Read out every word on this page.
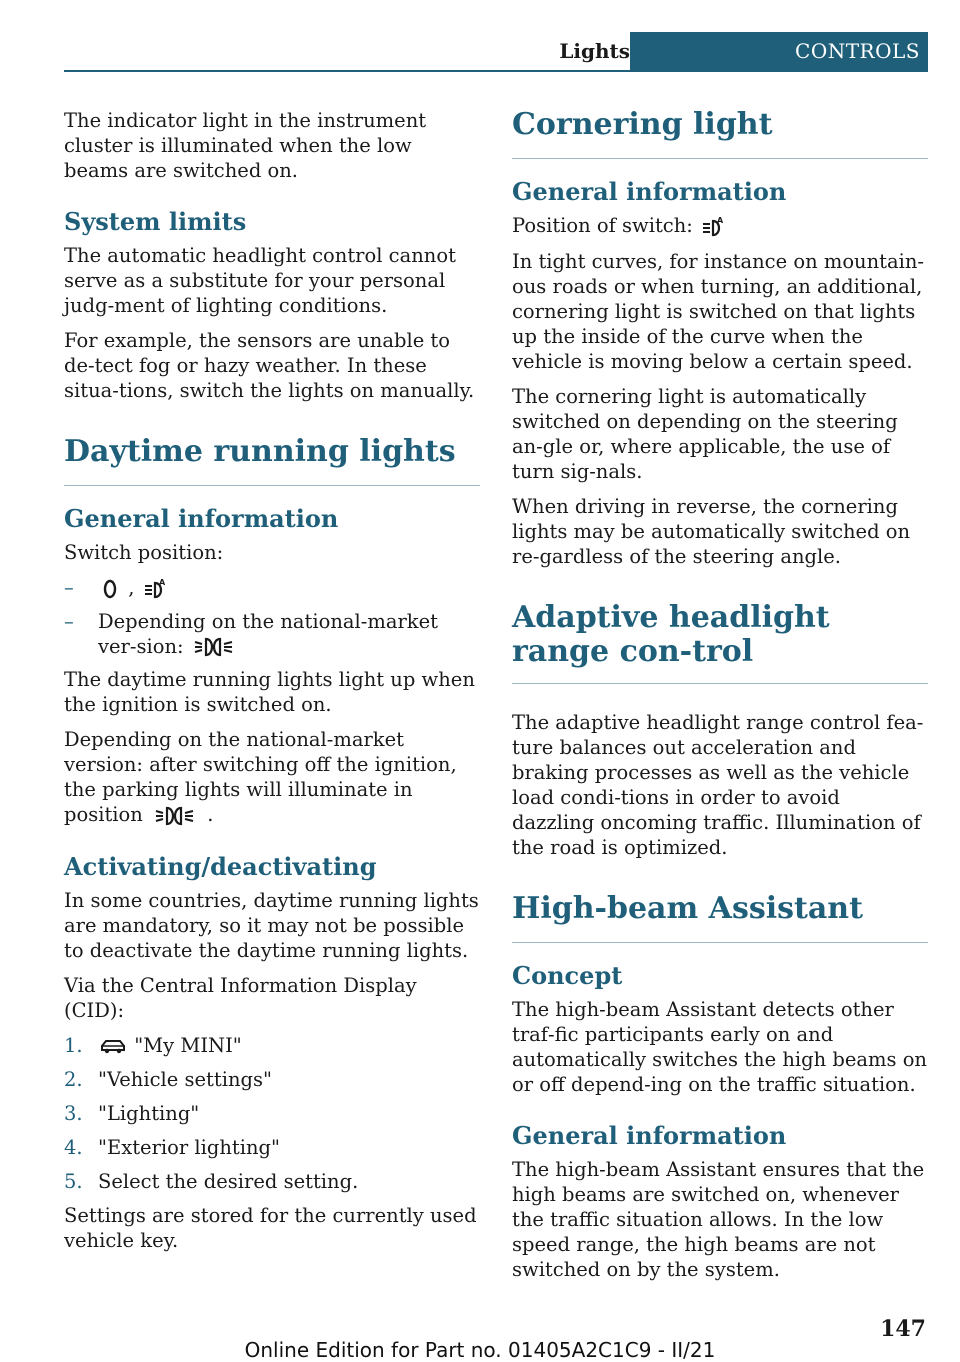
Lights	CONTROLS

The indicator light in the instrument cluster is illuminated when the low beams are switched on.

System limits

The automatic headlight control cannot serve as a substitute for your personal judg‐ment of lighting conditions.

For example, the sensors are unable to de‐tect fog or hazy weather. In these situa‐tions, switch the lights on manually.

Daytime running lights
General information

Switch position:

–	,	A
– Depending on the national-market ver‐sion:

The daytime running lights light up when the ignition is switched on.

Depending on the national-market version: after switching off the ignition, the parking lights will illuminate in position	.

Activating/deactivating

In some countries, daytime running lights are mandatory, so it may not be possible to deactivate the daytime running lights.

Via the Central Information Display (CID):

1.	"My MINI"
2. "Vehicle settings"
3. "Lighting"
4. "Exterior lighting"
5. Select the desired setting.

Settings are stored for the currently used vehicle key.

Cornering light
General information

Position of switch:	A

In tight curves, for instance on mountain‐ous roads or when turning, an additional, cornering light is switched on that lights up the inside of the curve when the vehicle is moving below a certain speed.

The cornering light is automatically switched on depending on the steering an‐gle or, where applicable, the use of turn sig‐nals.

When driving in reverse, the cornering lights may be automatically switched on re‐gardless of the steering angle.

Adaptive headlight range con‐trol

The adaptive headlight range control fea‐ture balances out acceleration and braking processes as well as the vehicle load condi‐tions in order to avoid dazzling oncoming traffic. Illumination of the road is optimized.

High-beam Assistant
Concept

The high-beam Assistant detects other traf‐fic participants early on and automatically switches the high beams on or off depend‐ing on the traffic situation.

General information

The high-beam Assistant ensures that the high beams are switched on, whenever the traffic situation allows. In the low speed range, the high beams are not switched on by the system.

147
Online Edition for Part no. 01405A2C1C9 - II/21
